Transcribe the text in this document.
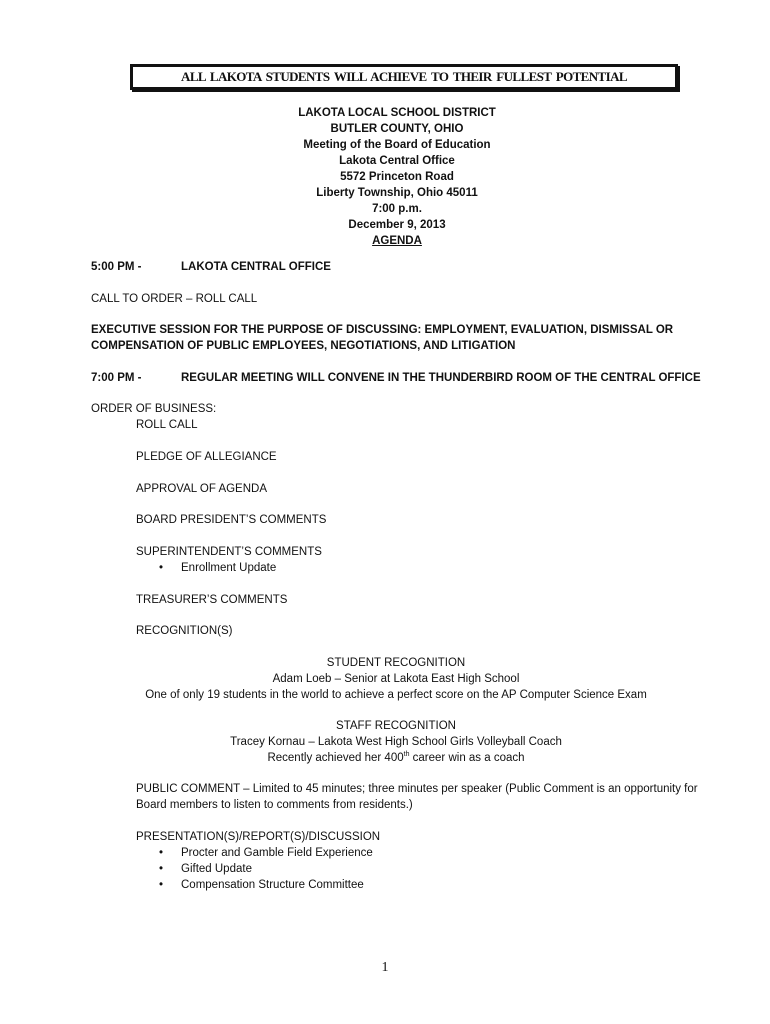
ALL LAKOTA STUDENTS WILL ACHIEVE TO THEIR FULLEST POTENTIAL
LAKOTA LOCAL SCHOOL DISTRICT
BUTLER COUNTY, OHIO
Meeting of the Board of Education
Lakota Central Office
5572 Princeton Road
Liberty Township, Ohio 45011
7:00 p.m.
December 9, 2013
AGENDA
5:00 PM -	LAKOTA CENTRAL OFFICE
CALL TO ORDER – ROLL CALL
EXECUTIVE SESSION FOR THE PURPOSE OF DISCUSSING: EMPLOYMENT, EVALUATION, DISMISSAL OR
COMPENSATION OF PUBLIC EMPLOYEES, NEGOTIATIONS, AND LITIGATION
7:00 PM -	REGULAR MEETING WILL CONVENE IN THE THUNDERBIRD ROOM OF THE CENTRAL OFFICE
ORDER OF BUSINESS:
ROLL CALL
PLEDGE OF ALLEGIANCE
APPROVAL OF AGENDA
BOARD PRESIDENT’S COMMENTS
SUPERINTENDENT’S COMMENTS
• Enrollment Update
TREASURER’S COMMENTS
RECOGNITION(S)
STUDENT RECOGNITION
Adam Loeb – Senior at Lakota East High School
One of only 19 students in the world to achieve a perfect score on the AP Computer Science Exam
STAFF RECOGNITION
Tracey Kornau – Lakota West High School Girls Volleyball Coach
Recently achieved her 400th career win as a coach
PUBLIC COMMENT – Limited to 45 minutes; three minutes per speaker (Public Comment is an opportunity for
Board members to listen to comments from residents.)
PRESENTATION(S)/REPORT(S)/DISCUSSION
• Procter and Gamble Field Experience
• Gifted Update
• Compensation Structure Committee
1
